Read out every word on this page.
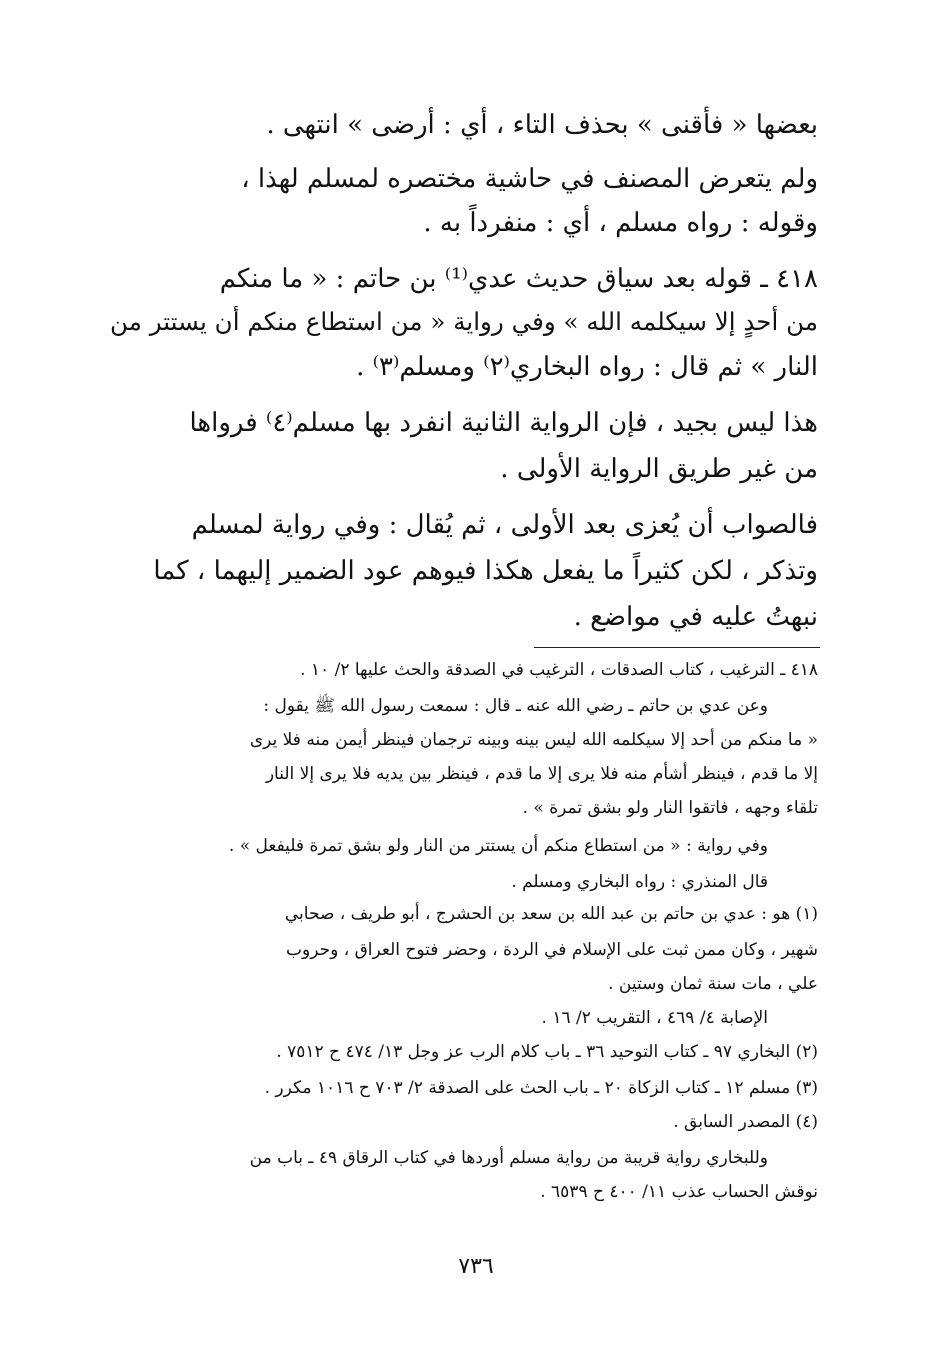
بعضها « فأقنى » بحذف التاء ، أي : أرضى » انتهى .
ولم يتعرض المصنف في حاشية مختصره لمسلم لهذا ،
وقوله : رواه مسلم ، أي : منفرداً به .
٤١٨ ـ قوله بعد سياق حديث عدي⁽¹⁾ بن حاتم : « ما منكم
من أحدٍ إلا سيكلمه الله » وفي رواية « من استطاع منكم أن يستتر من
النار » ثم قال : رواه البخاري⁽٢⁾ ومسلم⁽٣⁾ .
هذا ليس بجيد ، فإن الرواية الثانية انفرد بها مسلم⁽٤⁾ فرواها
من غير طريق الرواية الأولى .
فالصواب أن يُعزى بعد الأولى ، ثم يُقال : وفي رواية لمسلم
وتذكر ، لكن كثيراً ما يفعل هكذا فيوهم عود الضمير إليهما ، كما
نبهتُ عليه في مواضع .
٤١٨ ـ الترغيب ، كتاب الصدقات ، الترغيب في الصدقة والحث عليها ٢/ ١٠ .
وعن عدي بن حاتم ـ رضي الله عنه ـ قال : سمعت رسول الله ﷺ يقول :
« ما منكم من أحد إلا سيكلمه الله ليس بينه وبينه ترجمان فينظر أيمن منه فلا يرى
إلا ما قدم ، فينظر أشأم منه فلا يرى إلا ما قدم ، فينظر بين يديه فلا يرى إلا النار
تلقاء وجهه ، فاتقوا النار ولو بشق تمرة » .
وفي رواية : « من استطاع منكم أن يستتر من النار ولو بشق تمرة فليفعل » .
قال المنذري : رواه البخاري ومسلم .
(١) هو : عدي بن حاتم بن عبد الله بن سعد بن الحشرج ، أبو طريف ، صحابي
شهير ، وكان ممن ثبت على الإسلام في الردة ، وحضر فتوح العراق ، وحروب
علي ، مات سنة ثمان وستين .
الإصابة ٤/ ٤٦٩ ، التقريب ٢/ ١٦ .
(٢) البخاري ٩٧ ـ كتاب التوحيد ٣٦ ـ باب كلام الرب عز وجل ١٣/ ٤٧٤ ح ٧٥١٢ .
(٣) مسلم ١٢ ـ كتاب الزكاة ٢٠ ـ باب الحث على الصدقة ٢/ ٧٠٣ ح ١٠١٦ مكرر .
(٤) المصدر السابق .
وللبخاري رواية قريبة من رواية مسلم أوردها في كتاب الرقاق ٤٩ ـ باب من
نوقش الحساب عذب ١١/ ٤٠٠ ح ٦٥٣٩ .
٧٣٦
